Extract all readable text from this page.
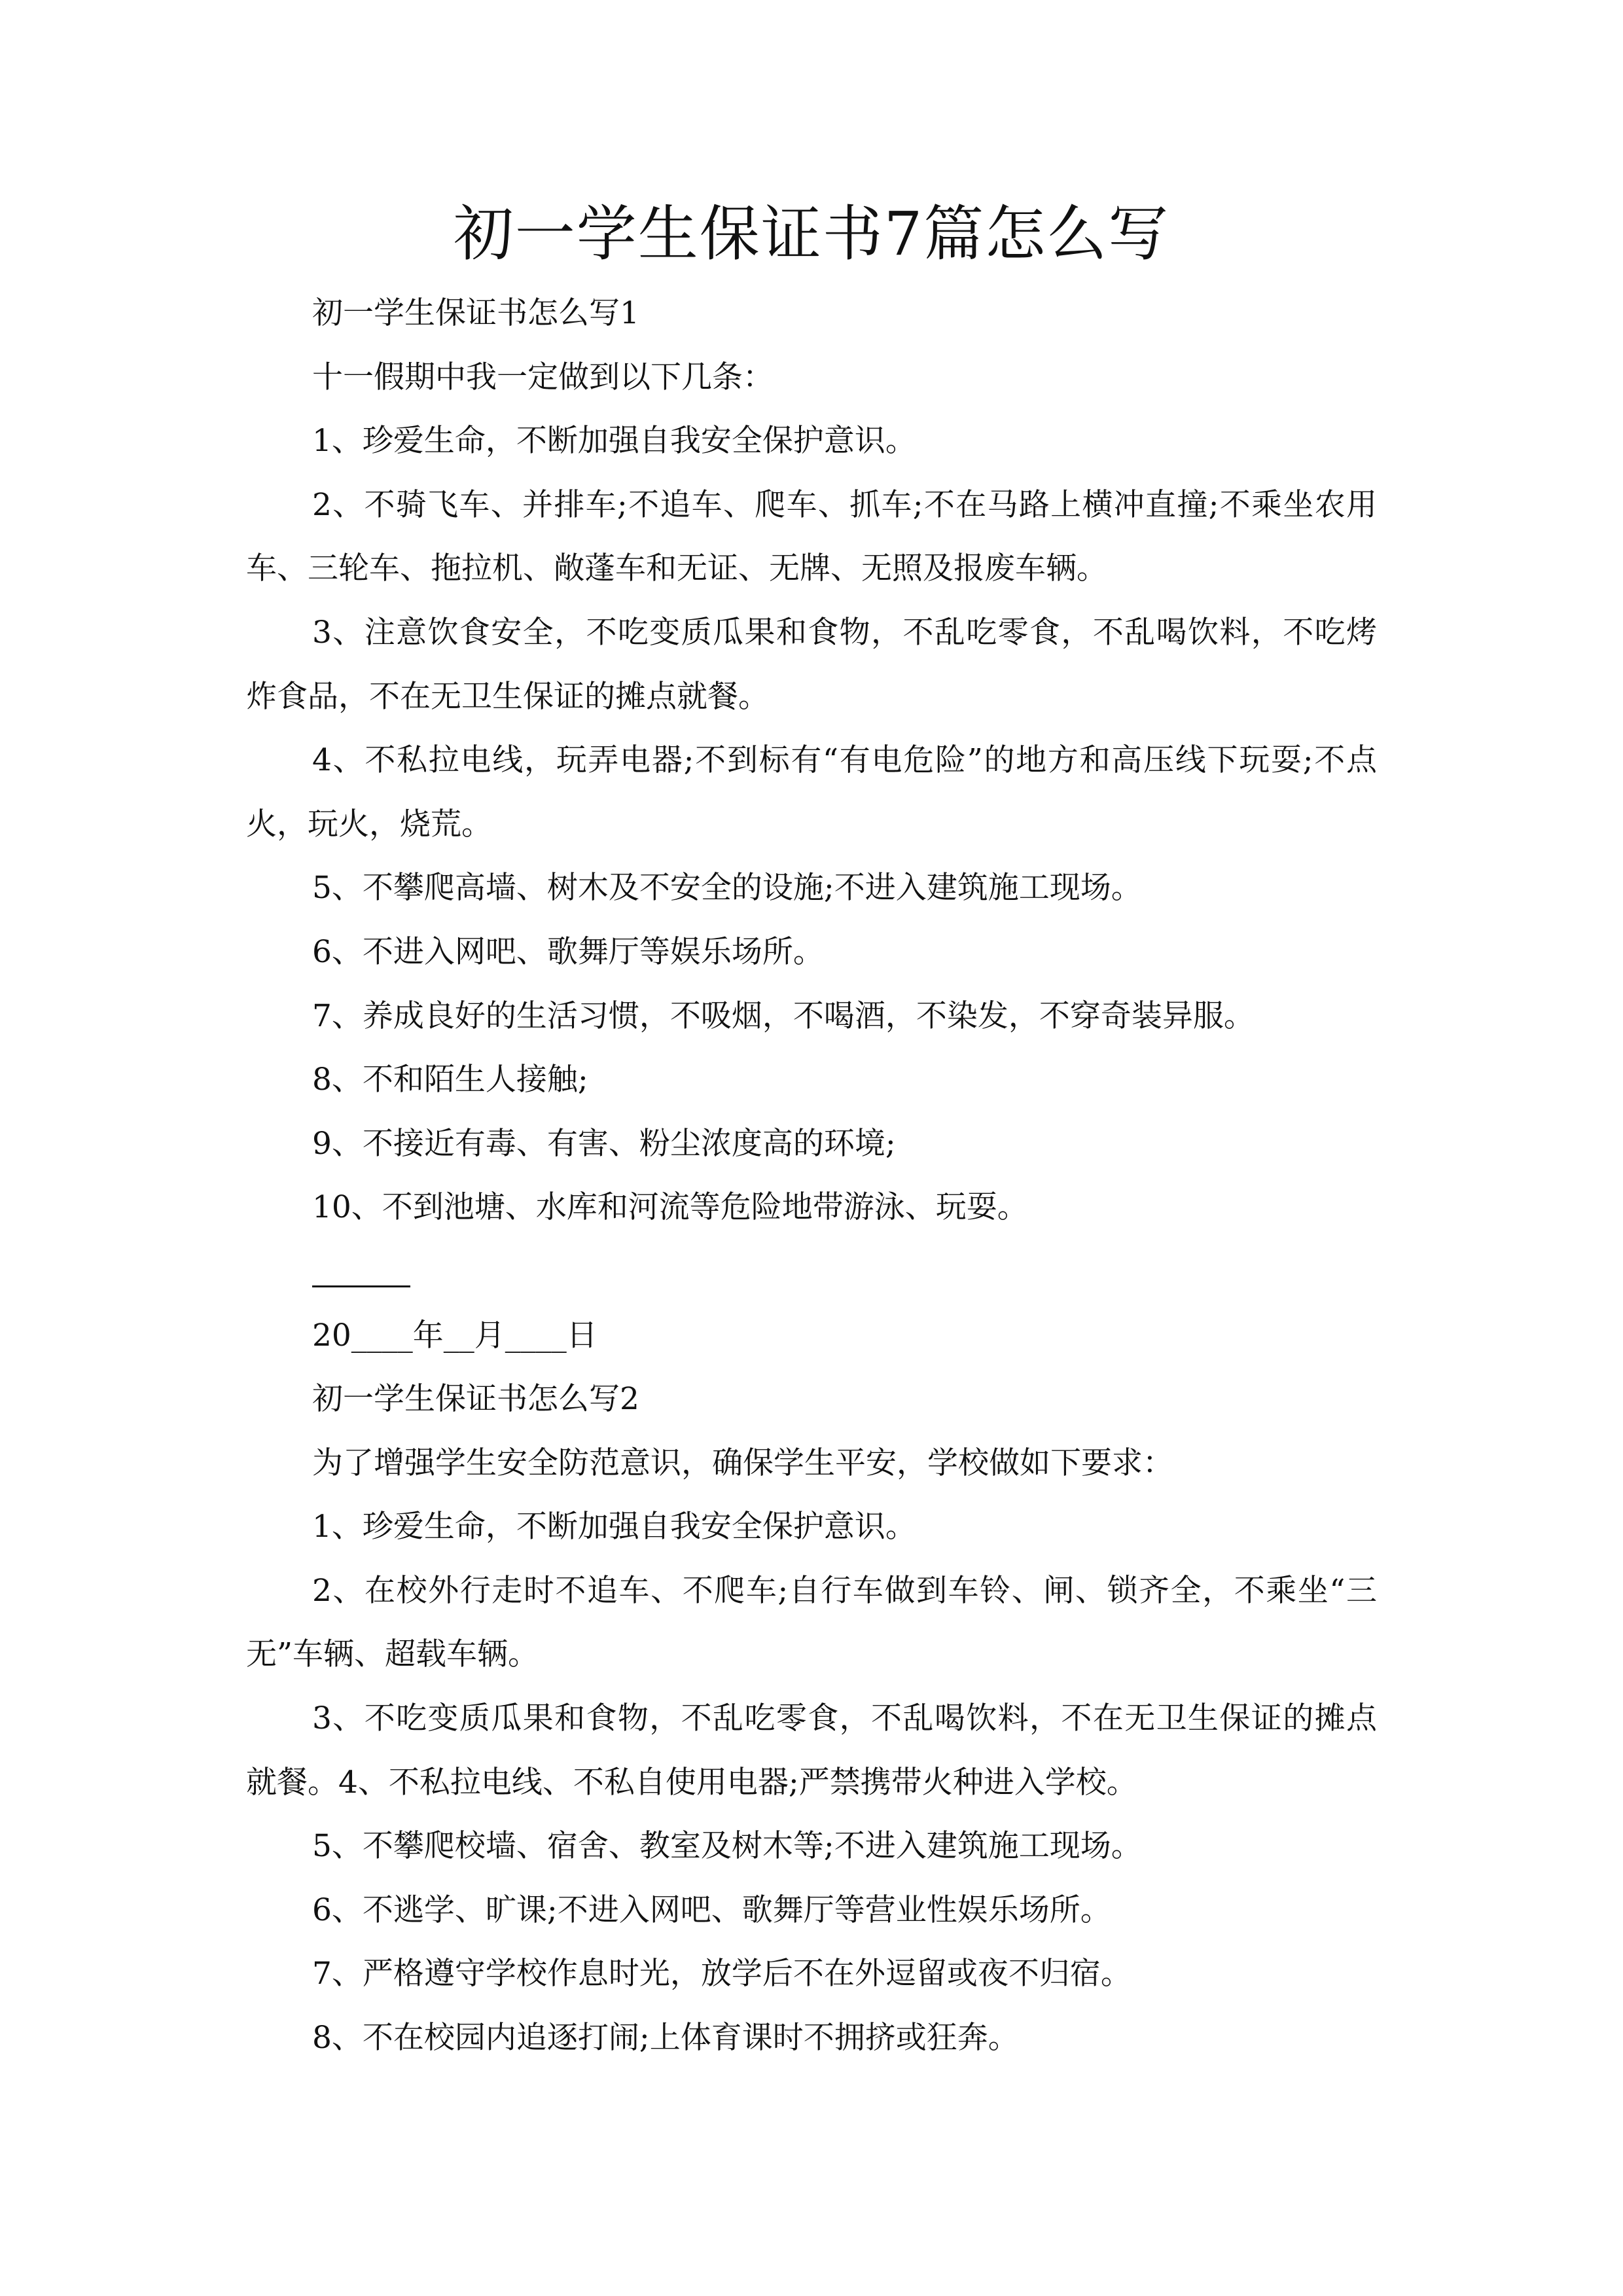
初一学生保证书7篇怎么写

初一学生保证书怎么写1

十一假期中我一定做到以下几条：

1、珍爱生命，不断加强自我安全保护意识。

2、不骑飞车、并排车;不追车、爬车、抓车;不在马路上横冲直撞;不乘坐农用车、三轮车、拖拉机、敞蓬车和无证、无牌、无照及报废车辆。

3、注意饮食安全，不吃变质瓜果和食物，不乱吃零食，不乱喝饮料，不吃烤炸食品，不在无卫生保证的摊点就餐。

4、不私拉电线，玩弄电器;不到标有“有电危险”的地方和高压线下玩耍;不点火，玩火，烧荒。

5、不攀爬高墙、树木及不安全的设施;不进入建筑施工现场。

6、不进入网吧、歌舞厅等娱乐场所。

7、养成良好的生活习惯，不吸烟，不喝酒，不染发，不穿奇装异服。

8、不和陌生人接触;

9、不接近有毒、有害、粉尘浓度高的环境;

10、不到池塘、水库和河流等危险地带游泳、玩耍。

20____年__月____日

初一学生保证书怎么写2

为了增强学生安全防范意识，确保学生平安，学校做如下要求：

1、珍爱生命，不断加强自我安全保护意识。

2、在校外行走时不追车、不爬车;自行车做到车铃、闸、锁齐全，不乘坐“三无”车辆、超载车辆。

3、不吃变质瓜果和食物，不乱吃零食，不乱喝饮料，不在无卫生保证的摊点就餐。4、不私拉电线、不私自使用电器;严禁携带火种进入学校。

5、不攀爬校墙、宿舍、教室及树木等;不进入建筑施工现场。

6、不逃学、旷课;不进入网吧、歌舞厅等营业性娱乐场所。

7、严格遵守学校作息时光，放学后不在外逗留或夜不归宿。

8、不在校园内追逐打闹;上体育课时不拥挤或狂奔。
